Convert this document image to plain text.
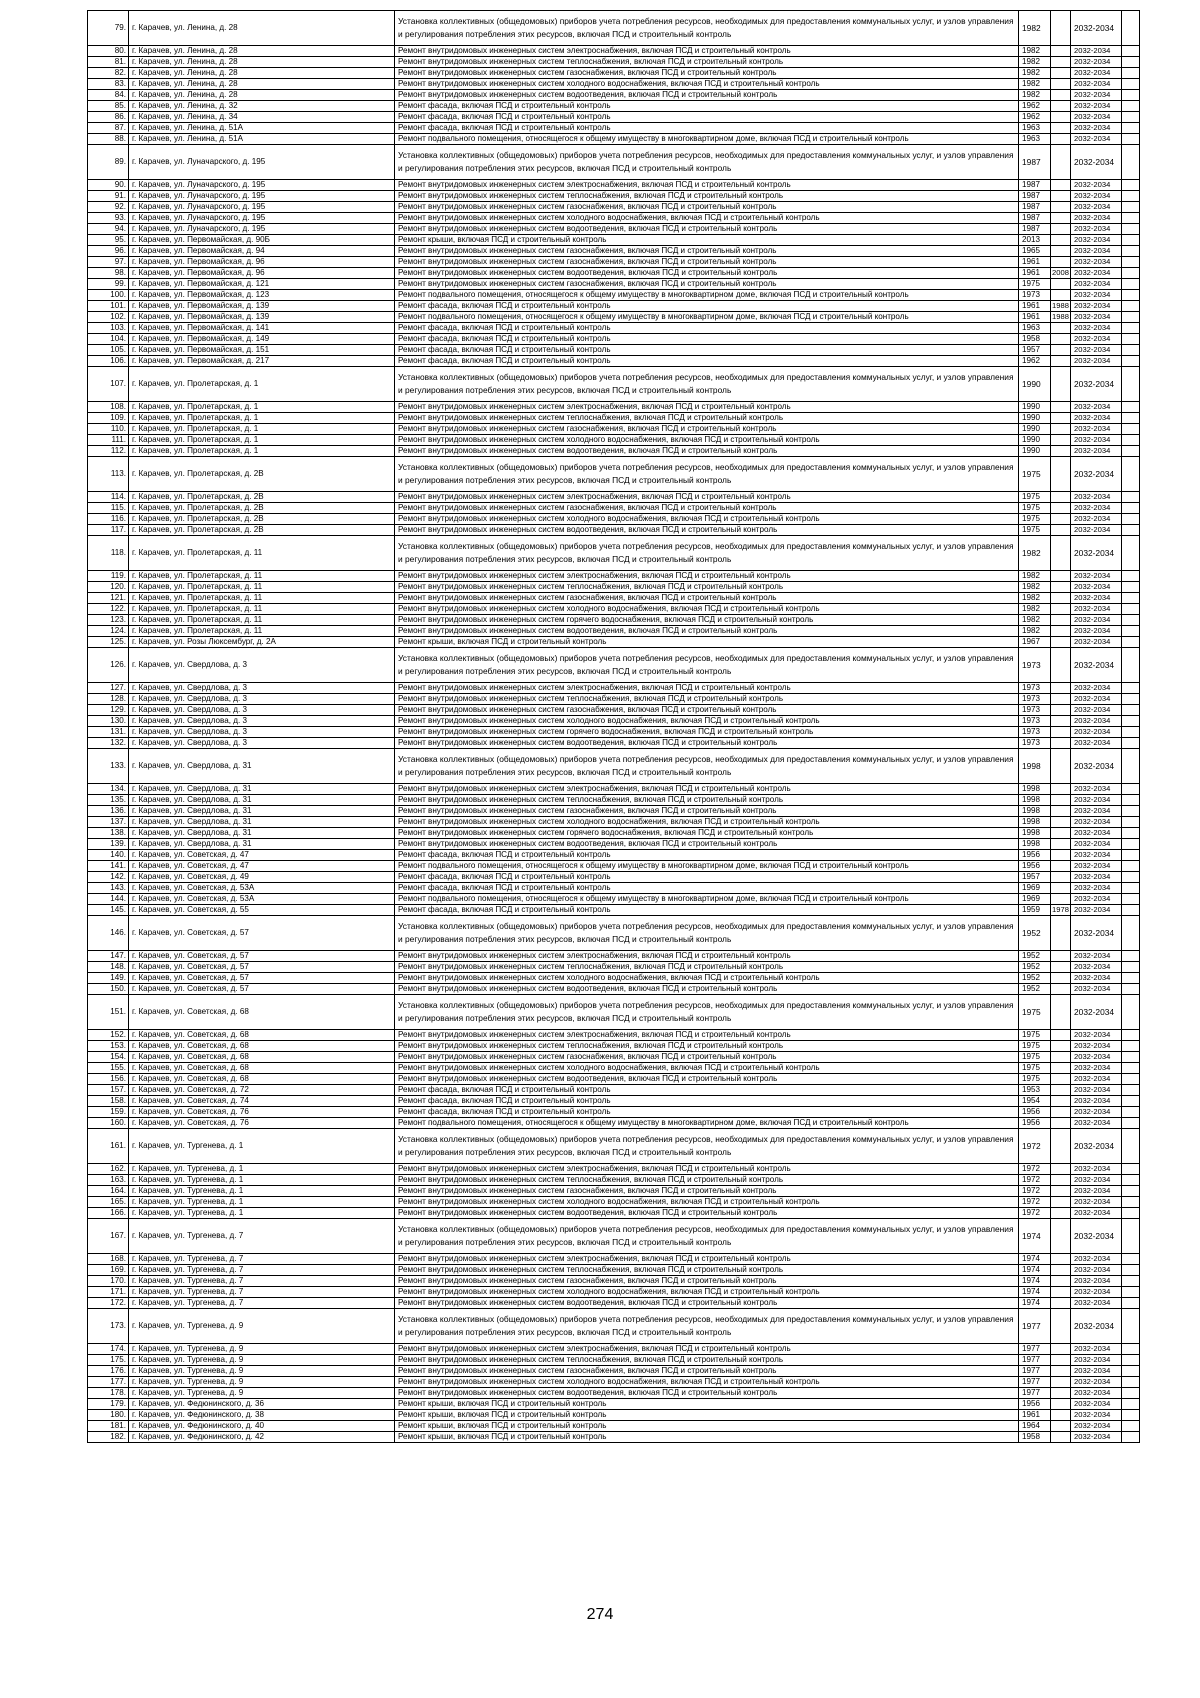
79.	г. Карачев, ул. Ленина, д. 28	Установка коллективных (общедомовых) приборов учета потребления ресурсов, необходимых для предоставления коммунальных услуг, и узлов управления и регулирования потребления этих ресурсов, включая ПСД и строительный контроль	1982		2032-2034	
80.	г. Карачев, ул. Ленина, д. 28	Ремонт внутридомовых инженерных систем электроснабжения, включая ПСД и строительный контроль	1982		2032-2034	
81.	г. Карачев, ул. Ленина, д. 28	Ремонт внутридомовых инженерных систем теплоснабжения, включая ПСД и строительный контроль	1982		2032-2034	
82.	г. Карачев, ул. Ленина, д. 28	Ремонт внутридомовых инженерных систем газоснабжения, включая ПСД и строительный контроль	1982		2032-2034	
83.	г. Карачев, ул. Ленина, д. 28	Ремонт внутридомовых инженерных систем холодного водоснабжения, включая ПСД и строительный контроль	1982		2032-2034	
84.	г. Карачев, ул. Ленина, д. 28	Ремонт внутридомовых инженерных систем водоотведения, включая ПСД и строительный контроль	1982		2032-2034	
85.	г. Карачев, ул. Ленина, д. 32	Ремонт фасада, включая ПСД и строительный контроль	1962		2032-2034	
86.	г. Карачев, ул. Ленина, д. 34	Ремонт фасада, включая ПСД и строительный контроль	1962		2032-2034	
87.	г. Карачев, ул. Ленина, д. 51А	Ремонт фасада, включая ПСД и строительный контроль	1963		2032-2034	
88.	г. Карачев, ул. Ленина, д. 51А	Ремонт подвального помещения, относящегося к общему имуществу в многоквартирном доме, включая ПСД и строительный контроль	1963		2032-2034	
89.	г. Карачев, ул. Луначарского, д. 195	Установка коллективных (общедомовых) приборов учета потребления ресурсов, необходимых для предоставления коммунальных услуг, и узлов управления и регулирования потребления этих ресурсов, включая ПСД и строительный контроль	1987		2032-2034	
90.	г. Карачев, ул. Луначарского, д. 195	Ремонт внутридомовых инженерных систем электроснабжения, включая ПСД и строительный контроль	1987		2032-2034	
91.	г. Карачев, ул. Луначарского, д. 195	Ремонт внутридомовых инженерных систем теплоснабжения, включая ПСД и строительный контроль	1987		2032-2034	
92.	г. Карачев, ул. Луначарского, д. 195	Ремонт внутридомовых инженерных систем газоснабжения, включая ПСД и строительный контроль	1987		2032-2034	
93.	г. Карачев, ул. Луначарского, д. 195	Ремонт внутридомовых инженерных систем холодного водоснабжения, включая ПСД и строительный контроль	1987		2032-2034	
94.	г. Карачев, ул. Луначарского, д. 195	Ремонт внутридомовых инженерных систем водоотведения, включая ПСД и строительный контроль	1987		2032-2034	
95.	г. Карачев, ул. Первомайская, д. 90Б	Ремонт крыши, включая ПСД и строительный контроль	2013		2032-2034	
96.	г. Карачев, ул. Первомайская, д. 94	Ремонт внутридомовых инженерных систем газоснабжения, включая ПСД и строительный контроль	1965		2032-2034	
97.	г. Карачев, ул. Первомайская, д. 96	Ремонт внутридомовых инженерных систем газоснабжения, включая ПСД и строительный контроль	1961		2032-2034	
98.	г. Карачев, ул. Первомайская, д. 96	Ремонт внутридомовых инженерных систем водоотведения, включая ПСД и строительный контроль	1961	2008	2032-2034	
99.	г. Карачев, ул. Первомайская, д. 121	Ремонт внутридомовых инженерных систем газоснабжения, включая ПСД и строительный контроль	1975		2032-2034	
100.	г. Карачев, ул. Первомайская, д. 123	Ремонт подвального помещения, относящегося к общему имуществу в многоквартирном доме, включая ПСД и строительный контроль	1973		2032-2034	
101.	г. Карачев, ул. Первомайская, д. 139	Ремонт фасада, включая ПСД и строительный контроль	1961	1988	2032-2034	
102.	г. Карачев, ул. Первомайская, д. 139	Ремонт подвального помещения, относящегося к общему имуществу в многоквартирном доме, включая ПСД и строительный контроль	1961	1988	2032-2034	
103.	г. Карачев, ул. Первомайская, д. 141	Ремонт фасада, включая ПСД и строительный контроль	1963		2032-2034	
104.	г. Карачев, ул. Первомайская, д. 149	Ремонт фасада, включая ПСД и строительный контроль	1958		2032-2034	
105.	г. Карачев, ул. Первомайская, д. 151	Ремонт фасада, включая ПСД и строительный контроль	1957		2032-2034	
106.	г. Карачев, ул. Первомайская, д. 217	Ремонт фасада, включая ПСД и строительный контроль	1962		2032-2034	
107.	г. Карачев, ул. Пролетарская, д. 1	Установка коллективных (общедомовых) приборов учета потребления ресурсов, необходимых для предоставления коммунальных услуг, и узлов управления и регулирования потребления этих ресурсов, включая ПСД и строительный контроль	1990		2032-2034	
108.	г. Карачев, ул. Пролетарская, д. 1	Ремонт внутридомовых инженерных систем электроснабжения, включая ПСД и строительный контроль	1990		2032-2034	
109.	г. Карачев, ул. Пролетарская, д. 1	Ремонт внутридомовых инженерных систем теплоснабжения, включая ПСД и строительный контроль	1990		2032-2034	
110.	г. Карачев, ул. Пролетарская, д. 1	Ремонт внутридомовых инженерных систем газоснабжения, включая ПСД и строительный контроль	1990		2032-2034	
111.	г. Карачев, ул. Пролетарская, д. 1	Ремонт внутридомовых инженерных систем холодного водоснабжения, включая ПСД и строительный контроль	1990		2032-2034	
112.	г. Карачев, ул. Пролетарская, д. 1	Ремонт внутридомовых инженерных систем водоотведения, включая ПСД и строительный контроль	1990		2032-2034	
113.	г. Карачев, ул. Пролетарская, д. 2В	Установка коллективных (общедомовых) приборов учета потребления ресурсов, необходимых для предоставления коммунальных услуг, и узлов управления и регулирования потребления этих ресурсов, включая ПСД и строительный контроль	1975		2032-2034	
114.	г. Карачев, ул. Пролетарская, д. 2В	Ремонт внутридомовых инженерных систем электроснабжения, включая ПСД и строительный контроль	1975		2032-2034	
115.	г. Карачев, ул. Пролетарская, д. 2В	Ремонт внутридомовых инженерных систем газоснабжения, включая ПСД и строительный контроль	1975		2032-2034	
116.	г. Карачев, ул. Пролетарская, д. 2В	Ремонт внутридомовых инженерных систем холодного водоснабжения, включая ПСД и строительный контроль	1975		2032-2034	
117.	г. Карачев, ул. Пролетарская, д. 2В	Ремонт внутридомовых инженерных систем водоотведения, включая ПСД и строительный контроль	1975		2032-2034	
118.	г. Карачев, ул. Пролетарская, д. 11	Установка коллективных (общедомовых) приборов учета потребления ресурсов, необходимых для предоставления коммунальных услуг, и узлов управления и регулирования потребления этих ресурсов, включая ПСД и строительный контроль	1982		2032-2034	
119.	г. Карачев, ул. Пролетарская, д. 11	Ремонт внутридомовых инженерных систем электроснабжения, включая ПСД и строительный контроль	1982		2032-2034	
120.	г. Карачев, ул. Пролетарская, д. 11	Ремонт внутридомовых инженерных систем теплоснабжения, включая ПСД и строительный контроль	1982		2032-2034	
121.	г. Карачев, ул. Пролетарская, д. 11	Ремонт внутридомовых инженерных систем газоснабжения, включая ПСД и строительный контроль	1982		2032-2034	
122.	г. Карачев, ул. Пролетарская, д. 11	Ремонт внутридомовых инженерных систем холодного водоснабжения, включая ПСД и строительный контроль	1982		2032-2034	
123.	г. Карачев, ул. Пролетарская, д. 11	Ремонт внутридомовых инженерных систем горячего водоснабжения, включая ПСД и строительный контроль	1982		2032-2034	
124.	г. Карачев, ул. Пролетарская, д. 11	Ремонт внутридомовых инженерных систем водоотведения, включая ПСД и строительный контроль	1982		2032-2034	
125.	г. Карачев, ул. Розы Люксембург, д. 2А	Ремонт крыши, включая ПСД и строительный контроль	1967		2032-2034	
126.	г. Карачев, ул. Свердлова, д. 3	Установка коллективных (общедомовых) приборов учета потребления ресурсов, необходимых для предоставления коммунальных услуг, и узлов управления и регулирования потребления этих ресурсов, включая ПСД и строительный контроль	1973		2032-2034	
127.	г. Карачев, ул. Свердлова, д. 3	Ремонт внутридомовых инженерных систем электроснабжения, включая ПСД и строительный контроль	1973		2032-2034	
128.	г. Карачев, ул. Свердлова, д. 3	Ремонт внутридомовых инженерных систем теплоснабжения, включая ПСД и строительный контроль	1973		2032-2034	
129.	г. Карачев, ул. Свердлова, д. 3	Ремонт внутридомовых инженерных систем газоснабжения, включая ПСД и строительный контроль	1973		2032-2034	
130.	г. Карачев, ул. Свердлова, д. 3	Ремонт внутридомовых инженерных систем холодного водоснабжения, включая ПСД и строительный контроль	1973		2032-2034	
131.	г. Карачев, ул. Свердлова, д. 3	Ремонт внутридомовых инженерных систем горячего водоснабжения, включая ПСД и строительный контроль	1973		2032-2034	
132.	г. Карачев, ул. Свердлова, д. 3	Ремонт внутридомовых инженерных систем водоотведения, включая ПСД и строительный контроль	1973		2032-2034	
133.	г. Карачев, ул. Свердлова, д. 31	Установка коллективных (общедомовых) приборов учета потребления ресурсов, необходимых для предоставления коммунальных услуг, и узлов управления и регулирования потребления этих ресурсов, включая ПСД и строительный контроль	1998		2032-2034	
134.	г. Карачев, ул. Свердлова, д. 31	Ремонт внутридомовых инженерных систем электроснабжения, включая ПСД и строительный контроль	1998		2032-2034	
135.	г. Карачев, ул. Свердлова, д. 31	Ремонт внутридомовых инженерных систем теплоснабжения, включая ПСД и строительный контроль	1998		2032-2034	
136.	г. Карачев, ул. Свердлова, д. 31	Ремонт внутридомовых инженерных систем газоснабжения, включая ПСД и строительный контроль	1998		2032-2034	
137.	г. Карачев, ул. Свердлова, д. 31	Ремонт внутридомовых инженерных систем холодного водоснабжения, включая ПСД и строительный контроль	1998		2032-2034	
138.	г. Карачев, ул. Свердлова, д. 31	Ремонт внутридомовых инженерных систем горячего водоснабжения, включая ПСД и строительный контроль	1998		2032-2034	
139.	г. Карачев, ул. Свердлова, д. 31	Ремонт внутридомовых инженерных систем водоотведения, включая ПСД и строительный контроль	1998		2032-2034	
140.	г. Карачев, ул. Советская, д. 47	Ремонт фасада, включая ПСД и строительный контроль	1956		2032-2034	
141.	г. Карачев, ул. Советская, д. 47	Ремонт подвального помещения, относящегося к общему имуществу в многоквартирном доме, включая ПСД и строительный контроль	1956		2032-2034	
142.	г. Карачев, ул. Советская, д. 49	Ремонт фасада, включая ПСД и строительный контроль	1957		2032-2034	
143.	г. Карачев, ул. Советская, д. 53А	Ремонт фасада, включая ПСД и строительный контроль	1969		2032-2034	
144.	г. Карачев, ул. Советская, д. 53А	Ремонт подвального помещения, относящегося к общему имуществу в многоквартирном доме, включая ПСД и строительный контроль	1969		2032-2034	
145.	г. Карачев, ул. Советская, д. 55	Ремонт фасада, включая ПСД и строительный контроль	1959	1978	2032-2034	
146.	г. Карачев, ул. Советская, д. 57	Установка коллективных (общедомовых) приборов учета потребления ресурсов, необходимых для предоставления коммунальных услуг, и узлов управления и регулирования потребления этих ресурсов, включая ПСД и строительный контроль	1952		2032-2034	
147.	г. Карачев, ул. Советская, д. 57	Ремонт внутридомовых инженерных систем электроснабжения, включая ПСД и строительный контроль	1952		2032-2034	
148.	г. Карачев, ул. Советская, д. 57	Ремонт внутридомовых инженерных систем теплоснабжения, включая ПСД и строительный контроль	1952		2032-2034	
149.	г. Карачев, ул. Советская, д. 57	Ремонт внутридомовых инженерных систем холодного водоснабжения, включая ПСД и строительный контроль	1952		2032-2034	
150.	г. Карачев, ул. Советская, д. 57	Ремонт внутридомовых инженерных систем водоотведения, включая ПСД и строительный контроль	1952		2032-2034	
151.	г. Карачев, ул. Советская, д. 68	Установка коллективных (общедомовых) приборов учета потребления ресурсов, необходимых для предоставления коммунальных услуг, и узлов управления и регулирования потребления этих ресурсов, включая ПСД и строительный контроль	1975		2032-2034	
152.	г. Карачев, ул. Советская, д. 68	Ремонт внутридомовых инженерных систем электроснабжения, включая ПСД и строительный контроль	1975		2032-2034	
153.	г. Карачев, ул. Советская, д. 68	Ремонт внутридомовых инженерных систем теплоснабжения, включая ПСД и строительный контроль	1975		2032-2034	
154.	г. Карачев, ул. Советская, д. 68	Ремонт внутридомовых инженерных систем газоснабжения, включая ПСД и строительный контроль	1975		2032-2034	
155.	г. Карачев, ул. Советская, д. 68	Ремонт внутридомовых инженерных систем холодного водоснабжения, включая ПСД и строительный контроль	1975		2032-2034	
156.	г. Карачев, ул. Советская, д. 68	Ремонт внутридомовых инженерных систем водоотведения, включая ПСД и строительный контроль	1975		2032-2034	
157.	г. Карачев, ул. Советская, д. 72	Ремонт фасада, включая ПСД и строительный контроль	1953		2032-2034	
158.	г. Карачев, ул. Советская, д. 74	Ремонт фасада, включая ПСД и строительный контроль	1954		2032-2034	
159.	г. Карачев, ул. Советская, д. 76	Ремонт фасада, включая ПСД и строительный контроль	1956		2032-2034	
160.	г. Карачев, ул. Советская, д. 76	Ремонт подвального помещения, относящегося к общему имуществу в многоквартирном доме, включая ПСД и строительный контроль	1956		2032-2034	
161.	г. Карачев, ул. Тургенева, д. 1	Установка коллективных (общедомовых) приборов учета потребления ресурсов, необходимых для предоставления коммунальных услуг, и узлов управления и регулирования потребления этих ресурсов, включая ПСД и строительный контроль	1972		2032-2034	
162.	г. Карачев, ул. Тургенева, д. 1	Ремонт внутридомовых инженерных систем электроснабжения, включая ПСД и строительный контроль	1972		2032-2034	
163.	г. Карачев, ул. Тургенева, д. 1	Ремонт внутридомовых инженерных систем теплоснабжения, включая ПСД и строительный контроль	1972		2032-2034	
164.	г. Карачев, ул. Тургенева, д. 1	Ремонт внутридомовых инженерных систем газоснабжения, включая ПСД и строительный контроль	1972		2032-2034	
165.	г. Карачев, ул. Тургенева, д. 1	Ремонт внутридомовых инженерных систем холодного водоснабжения, включая ПСД и строительный контроль	1972		2032-2034	
166.	г. Карачев, ул. Тургенева, д. 1	Ремонт внутридомовых инженерных систем водоотведения, включая ПСД и строительный контроль	1972		2032-2034	
167.	г. Карачев, ул. Тургенева, д. 7	Установка коллективных (общедомовых) приборов учета потребления ресурсов, необходимых для предоставления коммунальных услуг, и узлов управления и регулирования потребления этих ресурсов, включая ПСД и строительный контроль	1974		2032-2034	
168.	г. Карачев, ул. Тургенева, д. 7	Ремонт внутридомовых инженерных систем электроснабжения, включая ПСД и строительный контроль	1974		2032-2034	
169.	г. Карачев, ул. Тургенева, д. 7	Ремонт внутридомовых инженерных систем теплоснабжения, включая ПСД и строительный контроль	1974		2032-2034	
170.	г. Карачев, ул. Тургенева, д. 7	Ремонт внутридомовых инженерных систем газоснабжения, включая ПСД и строительный контроль	1974		2032-2034	
171.	г. Карачев, ул. Тургенева, д. 7	Ремонт внутридомовых инженерных систем холодного водоснабжения, включая ПСД и строительный контроль	1974		2032-2034	
172.	г. Карачев, ул. Тургенева, д. 7	Ремонт внутридомовых инженерных систем водоотведения, включая ПСД и строительный контроль	1974		2032-2034	
173.	г. Карачев, ул. Тургенева, д. 9	Установка коллективных (общедомовых) приборов учета потребления ресурсов, необходимых для предоставления коммунальных услуг, и узлов управления и регулирования потребления этих ресурсов, включая ПСД и строительный контроль	1977		2032-2034	
174.	г. Карачев, ул. Тургенева, д. 9	Ремонт внутридомовых инженерных систем электроснабжения, включая ПСД и строительный контроль	1977		2032-2034	
175.	г. Карачев, ул. Тургенева, д. 9	Ремонт внутридомовых инженерных систем теплоснабжения, включая ПСД и строительный контроль	1977		2032-2034	
176.	г. Карачев, ул. Тургенева, д. 9	Ремонт внутридомовых инженерных систем газоснабжения, включая ПСД и строительный контроль	1977		2032-2034	
177.	г. Карачев, ул. Тургенева, д. 9	Ремонт внутридомовых инженерных систем холодного водоснабжения, включая ПСД и строительный контроль	1977		2032-2034	
178.	г. Карачев, ул. Тургенева, д. 9	Ремонт внутридомовых инженерных систем водоотведения, включая ПСД и строительный контроль	1977		2032-2034	
179.	г. Карачев, ул. Федюнинского, д. 36	Ремонт крыши, включая ПСД и строительный контроль	1956		2032-2034	
180.	г. Карачев, ул. Федюнинского, д. 38	Ремонт крыши, включая ПСД и строительный контроль	1961		2032-2034	
181.	г. Карачев, ул. Федюнинского, д. 40	Ремонт крыши, включая ПСД и строительный контроль	1964		2032-2034	
182.	г. Карачев, ул. Федюнинского, д. 42	Ремонт крыши, включая ПСД и строительный контроль	1958		2032-2034	
274
